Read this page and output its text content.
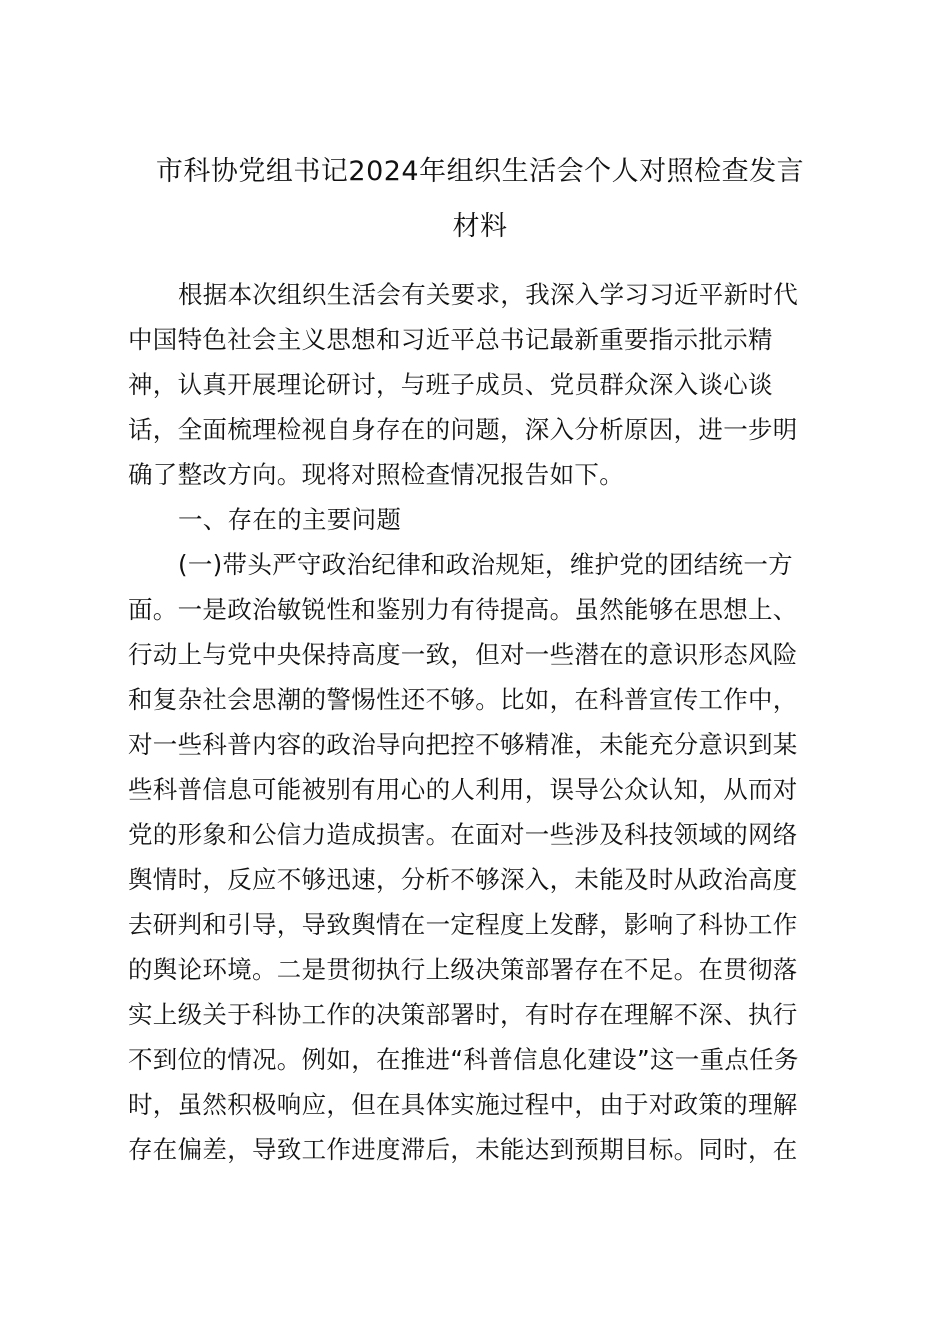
市科协党组书记2024年组织生活会个人对照检查发言
材料
根据本次组织生活会有关要求，我深入学习习近平新时代
中国特色社会主义思想和习近平总书记最新重要指示批示精
神，认真开展理论研讨，与班子成员、党员群众深入谈心谈
话，全面梳理检视自身存在的问题，深入分析原因，进一步明
确了整改方向。现将对照检查情况报告如下。
一、存在的主要问题
(一)带头严守政治纪律和政治规矩，维护党的团结统一方
面。一是政治敏锐性和鉴别力有待提高。虽然能够在思想上、
行动上与党中央保持高度一致，但对一些潜在的意识形态风险
和复杂社会思潮的警惕性还不够。比如，在科普宣传工作中，
对一些科普内容的政治导向把控不够精准，未能充分意识到某
些科普信息可能被别有用心的人利用，误导公众认知，从而对
党的形象和公信力造成损害。在面对一些涉及科技领域的网络
舆情时，反应不够迅速，分析不够深入，未能及时从政治高度
去研判和引导，导致舆情在一定程度上发酵，影响了科协工作
的舆论环境。二是贯彻执行上级决策部署存在不足。在贯彻落
实上级关于科协工作的决策部署时，有时存在理解不深、执行
不到位的情况。例如，在推进“科普信息化建设”这一重点任务
时，虽然积极响应，但在具体实施过程中，由于对政策的理解
存在偏差，导致工作进度滞后，未能达到预期目标。同时，在
